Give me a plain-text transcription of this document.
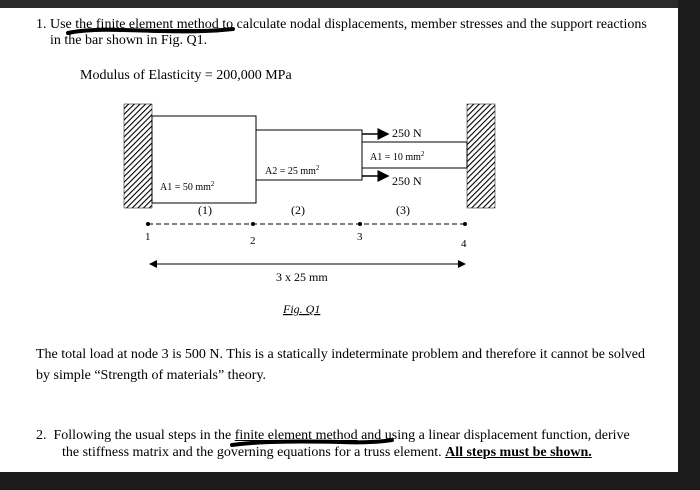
1. Use the finite element method to calculate nodal displacements, member stresses and the support reactions
in the bar shown in Fig. Q1.
Modulus of Elasticity = 200,000 MPa
250 N
250 N
A1 = 50 $mm^2$
A2 = 25 $mm^2$
A1 = 10 $mm^2$
(1)	(2)	(3)
1	2	3
4
3 x 25 mm
Fig. Q1
The total load at node 3 is 500 N. This is a statically indeterminate problem and therefore it cannot be solved
by simple “Strength of materials” theory.
2. Following the usual steps in the finite element method and using a linear displacement function, derive
the stiffness matrix and the governing equations for a truss element. All steps must be shown.
